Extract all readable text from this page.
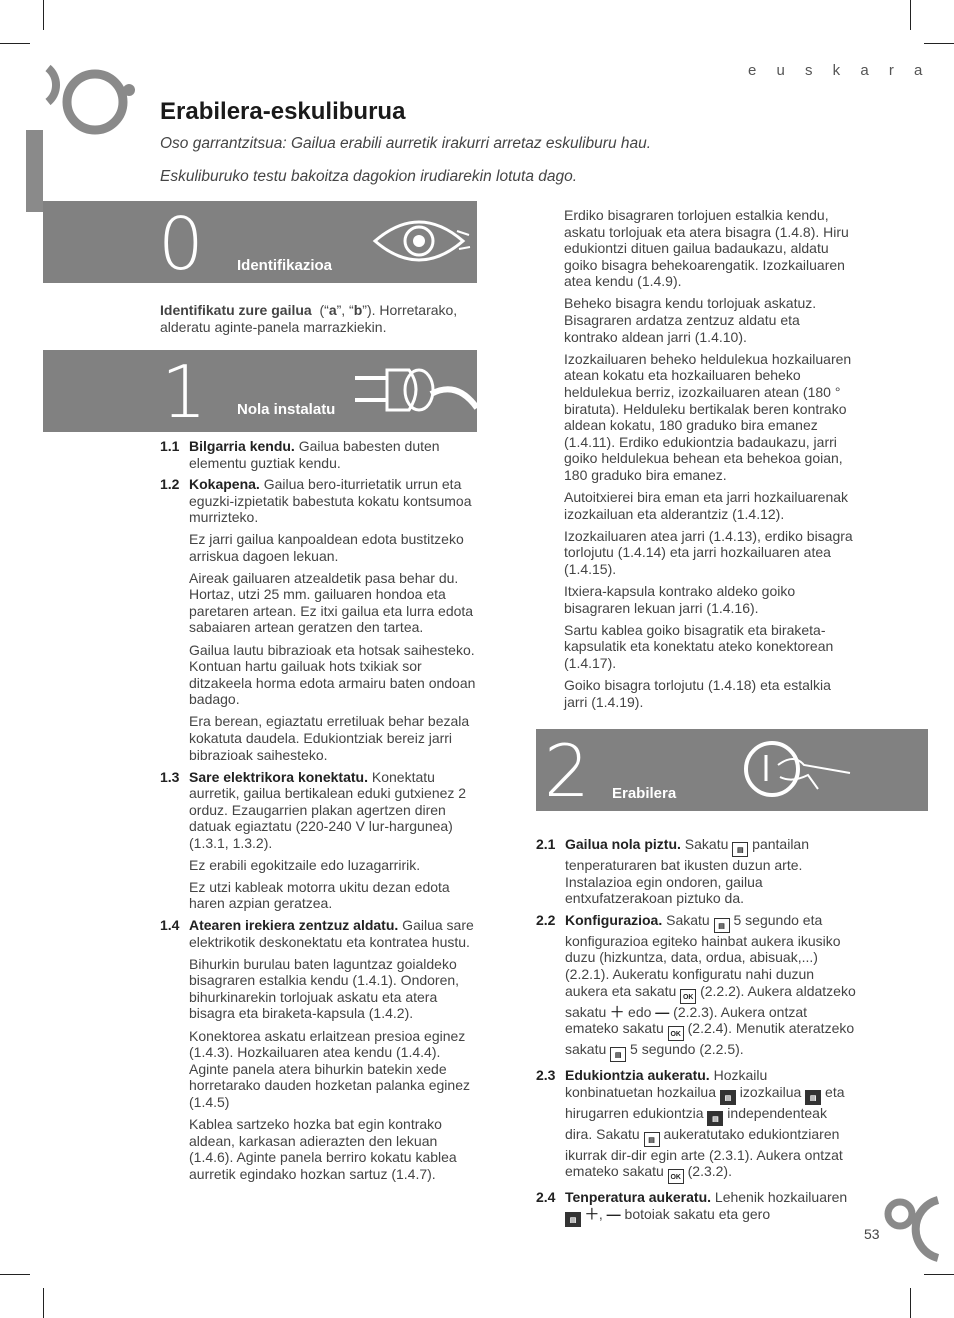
e u s k a r a
Erabilera-eskuliburua
Oso garrantzitsua: Gailua erabili aurretik irakurri arretaz eskuliburu hau.
Eskuliburuko testu bakoitza dagokion irudiarekin lotuta dago.
0 Identifikazioa

Identifikatu zure gailua (“a”, “b”). Horretarako, alderatu aginte-panela marrazkiekin.

1 Nola instalatu
1.1 Bilgarria kendu. Gailua babesten duten elementu guztiak kendu.
1.2 Kokapena. Gailua bero-iturrietatik urrun eta eguzki-izpietatik babestuta kokatu kontsumoa murrizteko.

Ez jarri gailua kanpoaldean edota bustitzeko arriskua dagoen lekuan.

Aireak gailuaren atzealdetik pasa behar du. Hortaz, utzi 25 mm. gailuaren hondoa eta paretaren artean. Ez itxi gailua eta lurra edota sabaiaren artean geratzen den tartea.

Gailua lautu bibrazioak eta hotsak saihesteko. Kontuan hartu gailuak hots txikiak sor ditzakeela horma edota armairu baten ondoan badago.

Era berean, egiaztatu erretiluak behar bezala kokatuta daudela. Edukiontziak bereiz jarri bibrazioak saihesteko.

1.3 Sare elektrikora konektatu. Konektatu aurretik, gailua bertikalean eduki gutxienez 2 orduz. Ezaugarrien plakan agertzen diren datuak egiaztatu (220-240 V lur-hargunea) (1.3.1, 1.3.2).

Ez erabili egokitzaile edo luzagarririk.

Ez utzi kableak motorra ukitu dezan edota haren azpian geratzea.

1.4 Atearen irekiera zentzuz aldatu. Gailua sare elektrikotik deskonektatu eta kontratea hustu.

Bihurkin burulau baten laguntzaz goialdeko bisagraren estalkia kendu (1.4.1). Ondoren, bihurkinarekin torlojuak askatu eta atera bisagra eta biraketa-kapsula (1.4.2).

Konektorea askatu erlaitzean presioa eginez (1.4.3). Hozkailuaren atea kendu (1.4.4). Aginte panela atera bihurkin batekin xede horretarako dauden hozketan palanka eginez (1.4.5)

Kablea sartzeko hozka bat egin kontrako aldean, karkasan adierazten den lekuan (1.4.6). Aginte panela berriro kokatu kablea aurretik egindako hozkan sartuz (1.4.7).

Erdiko bisagraren torlojuen estalkia kendu, askatu torlojuak eta atera bisagra (1.4.8). Hiru edukiontzi dituen gailua badaukazu, aldatu goiko bisagra behekoarengatik. Izozkailuaren atea kendu (1.4.9).

Beheko bisagra kendu torlojuak askatuz. Bisagraren ardatza zentzuz aldatu eta kontrako aldean jarri (1.4.10).

Izozkailuaren beheko heldulekua hozkailuaren atean kokatu eta hozkailuaren beheko heldulekua berriz, izozkailuaren atean (180 ° biratuta). Helduleku bertikalak beren kontrako aldean kokatu, 180 graduko bira emanez (1.4.11). Erdiko edukiontzia badaukazu, jarri goiko heldulekua behean eta behekoa goian, 180 graduko bira emanez.

Autoitxierei bira eman eta jarri hozkailuarenak izozkailuan eta alderantziz (1.4.12).

Izozkailuaren atea jarri (1.4.13), erdiko bisagra torlojutu (1.4.14) eta jarri hozkailuaren atea (1.4.15).

Itxiera-kapsula kontrako aldeko goiko bisagraren lekuan jarri (1.4.16).

Sartu kablea goiko bisagratik eta biraketa-kapsulatik eta konektatu ateko konektorean (1.4.17).

Goiko bisagra torlojutu (1.4.18) eta estalkia jarri (1.4.19).

2 Erabilera
2.1 Gailua nola piztu. Sakatu ▤ pantailan tenperaturaren bat ikusten duzun arte. Instalazioa egin ondoren, gailua entxufatzerakoan piztuko da.
2.2 Konfigurazioa. Sakatu ▤ 5 segundo eta konfigurazioa egiteko hainbat aukera ikusiko duzu (hizkuntza, data, ordua, abisuak,...) (2.2.1). Aukeratu konfiguratu nahi duzun aukera eta sakatu OK (2.2.2). Aukera aldatzeko sakatu ＋ edo — (2.2.3). Aukera ontzat emateko sakatu OK (2.2.4). Menutik ateratzeko sakatu ▤ 5 segundo (2.2.5).
2.3 Edukiontzia aukeratu. Hozkailu konbinatuetan hozkailua ▤ izozkailua ▤ eta hirugarren edukiontzia ▤ independenteak dira. Sakatu ▤ aukeratutako edukiontziaren ikurrak dir-dir egin arte (2.3.1). Aukera ontzat emateko sakatu OK (2.3.2).
2.4 Tenperatura aukeratu. Lehenik hozkailuaren ▤ ＋, — botoiak sakatu eta gero
53
